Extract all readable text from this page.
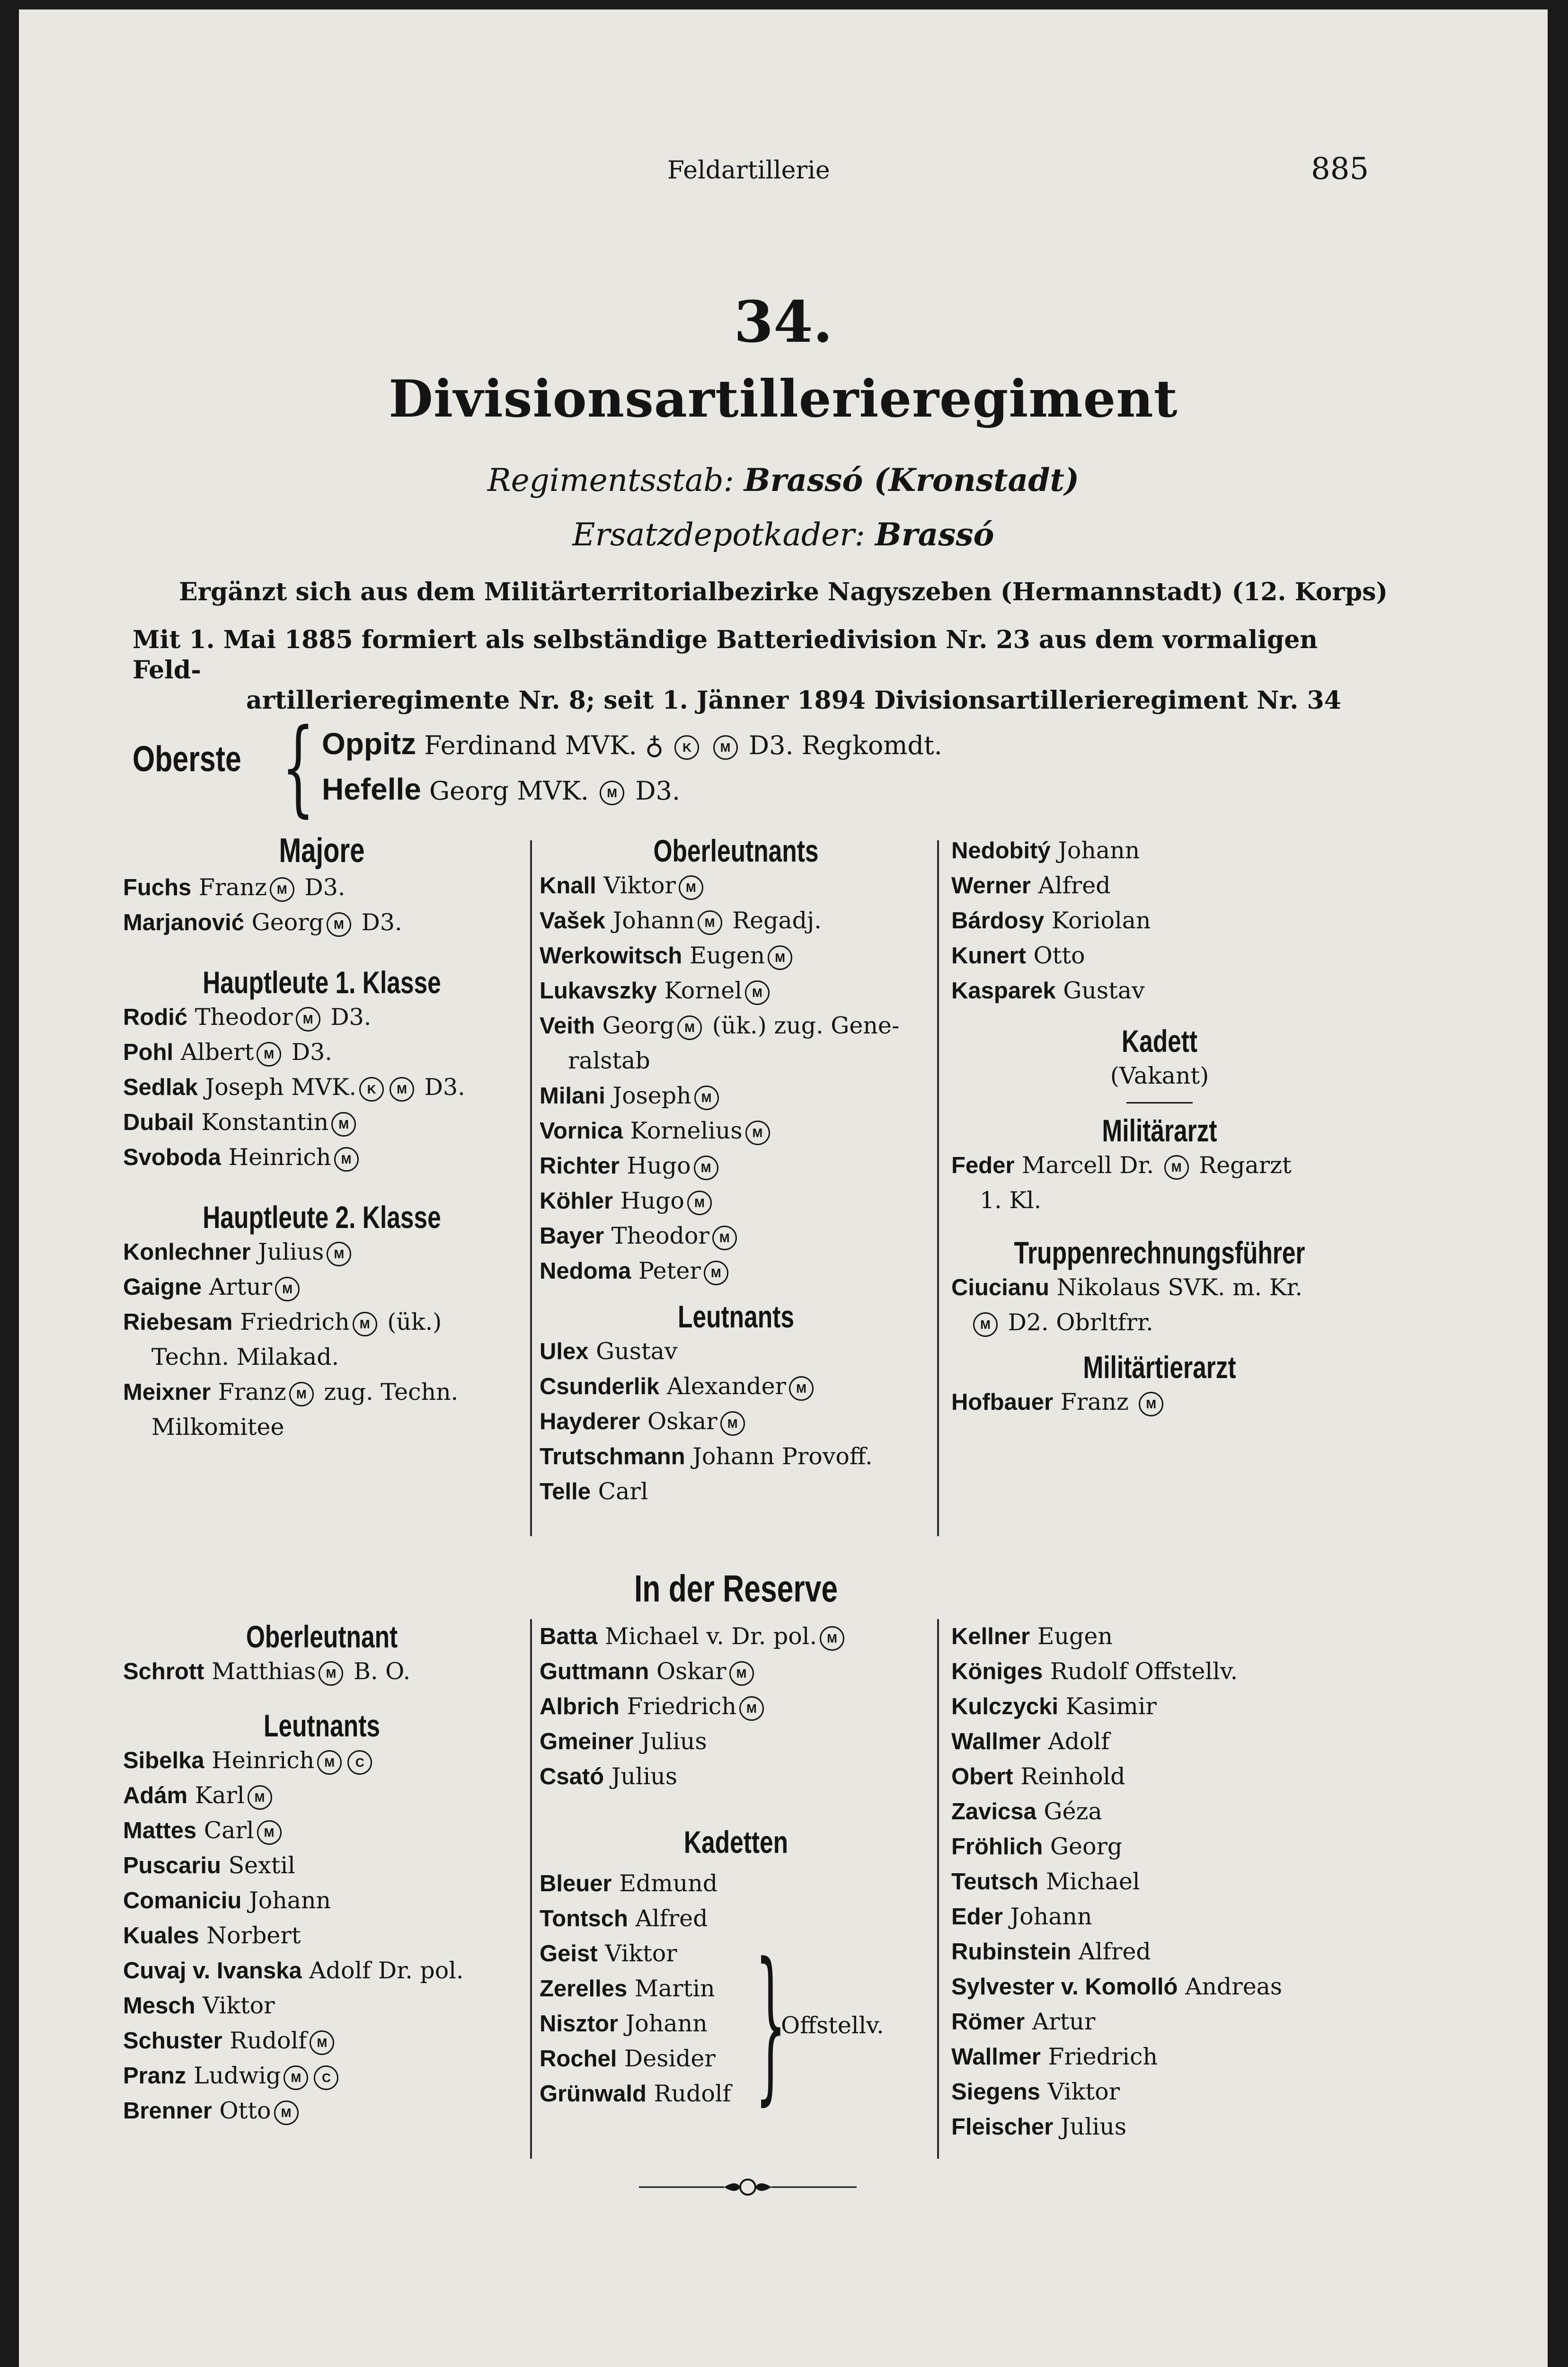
Feldartillerie	885
34.
Divisionsartillerieregiment
Regimentsstab: Brassó (Kronstadt)
Ersatzdepotkader: Brassó
Ergänzt sich aus dem Militärterritorialbezirke Nagyszeben (Hermannstadt) (12. Korps)
Mit 1. Mai 1885 formiert als selbständige Batteriedivision Nr. 23 aus dem vormaligen Feld-
artillerieregimente Nr. 8; seit 1. Jänner 1894 Divisionsartillerieregiment Nr. 34
Oberste { Oppitz Ferdinand MVK. ♁ K M D3. Regkomdt.
Hefelle Georg MVK. M D3.
Majore
Fuchs Franz M D3.
Marjanović Georg M D3.
Hauptleute 1. Klasse
Rodić Theodor M D3.
Pohl Albert M D3.
Sedlak Joseph MVK. K M D3.
Dubail Konstantin M
Svoboda Heinrich M
Hauptleute 2. Klasse
Konlechner Julius M
Gaigne Artur M
Riebesam Friedrich M (ük.)
Techn. Milakad.
Meixner Franz M zug. Techn.
Milkomitee
Oberleutnant
Schrott Matthias M B. O.
Leutnants
Sibelka Heinrich M C
Adám Karl M
Mattes Carl M
Puscariu Sextil
Comaniciu Johann
Kuales Norbert
Cuvaj v. Ivanska Adolf Dr. pol.
Mesch Viktor
Schuster Rudolf M
Pranz Ludwig M C
Brenner Otto M
Oberleutnants
Knall Viktor M
Vašek Johann M Regadj.
Werkowitsch Eugen M
Lukavszky Kornel M
Veith Georg M (ük.) zug. Gene-
ralstab
Milani Joseph M
Vornica Kornelius M
Richter Hugo M
Köhler Hugo M
Bayer Theodor M
Nedoma Peter M
Leutnants
Ulex Gustav
Csunderlik Alexander M
Hayderer Oskar M
Trutschmann Johann Provoff.
Telle Carl
Nedobitý Johann
Werner Alfred
Bárdosy Koriolan
Kunert Otto
Kasparek Gustav
Kadett
(Vakant)
Militärarzt
Feder Marcell Dr. M Regarzt
1. Kl.
Truppenrechnungsführer
Ciucianu Nikolaus SVK. m. Kr.
M D2. Obrltfrr.
Militärtierarzt
Hofbauer Franz M
In der Reserve
Batta Michael v. Dr. pol. M
Guttmann Oskar M
Albrich Friedrich M
Gmeiner Julius
Csató Julius
Kadetten
Bleuer Edmund
Tontsch Alfred
Geist Viktor
Zerelles Martin
Nisztor Johann
Rochel Desider
Grünwald Rudolf }
Offstellv.
Kellner Eugen
Königes Rudolf Offstellv.
Kulczycki Kasimir
Wallmer Adolf
Obert Reinhold
Zavicsa Géza
Fröhlich Georg
Teutsch Michael
Eder Johann
Rubinstein Alfred
Sylvester v. Komolló Andreas
Römer Artur
Wallmer Friedrich
Siegens Viktor
Fleischer Julius
